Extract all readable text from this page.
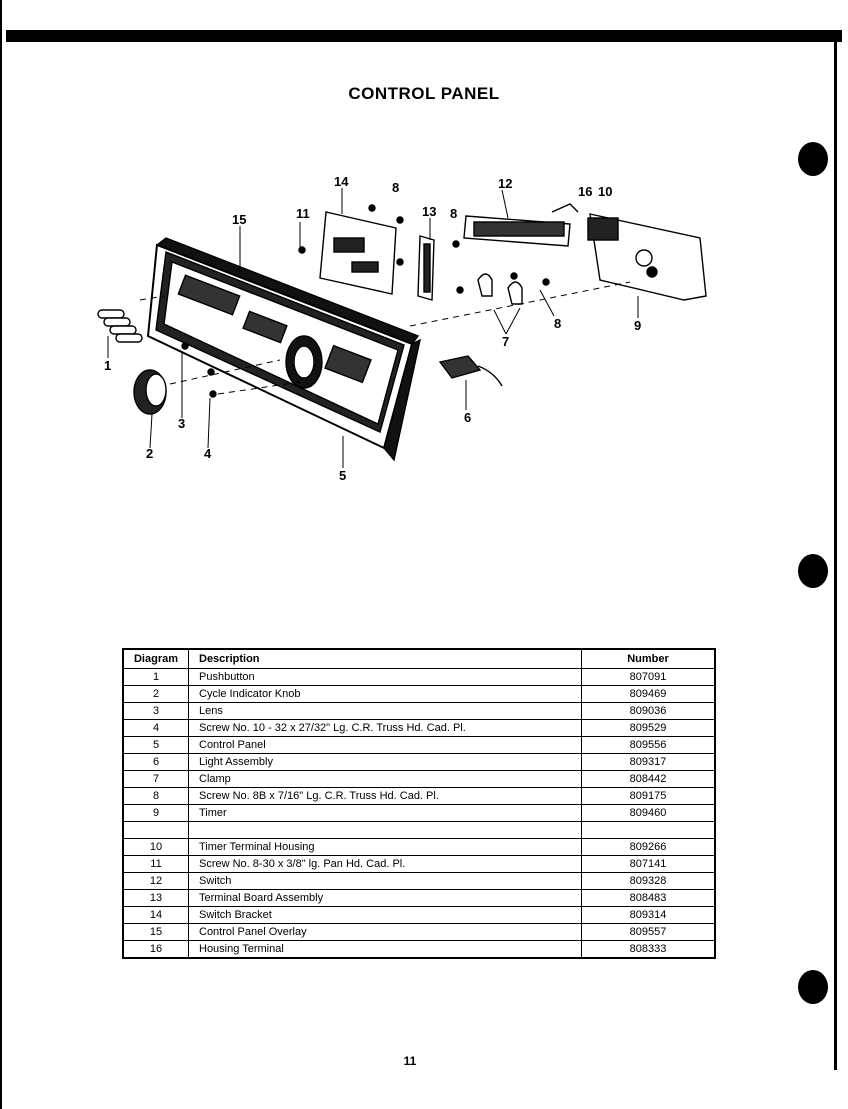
CONTROL PANEL
1
2
3
4
5
6
7
8	9
10
11
12
13
14
15
16
8
8
Diagram	Description	Number
1	Pushbutton	807091
2	Cycle Indicator Knob	809469
3	Lens	809036
4	Screw No. 10 - 32 x 27/32" Lg. C.R. Truss Hd. Cad. Pl.	809529
5	Control Panel	809556
6	Light Assembly	809317
7	Clamp	808442
8	Screw No. 8B x 7/16" Lg. C.R. Truss Hd. Cad. Pl.	809175
9	Timer	809460

10	Timer Terminal Housing	809266
11	Screw No. 8-30 x 3/8" lg. Pan Hd. Cad. Pl.	807141
12	Switch	809328
13	Terminal Board Assembly	808483
14	Switch Bracket	809314
15	Control Panel Overlay	809557
16	Housing Terminal	808333
11
